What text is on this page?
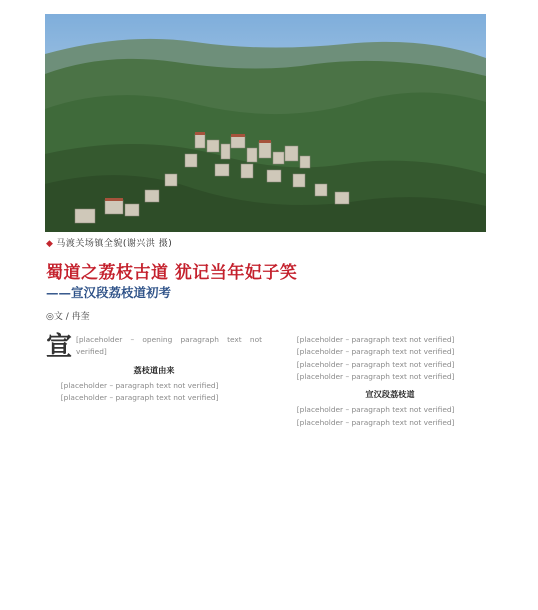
◆ 马渡关场镇全貌(谢兴洪 摄)
蜀道之荔枝古道 犹记当年妃子笑
——宣汉段荔枝道初考
◎文 / 冉奎

宣 [placeholder – opening paragraph text not verified]

荔枝道由来

[placeholder – paragraph text not verified]

[placeholder – paragraph text not verified]

[placeholder – paragraph text not verified]

[placeholder – paragraph text not verified]

[placeholder – paragraph text not verified]

[placeholder – paragraph text not verified]

宣汉段荔枝道

[placeholder – paragraph text not verified]

[placeholder – paragraph text not verified]
